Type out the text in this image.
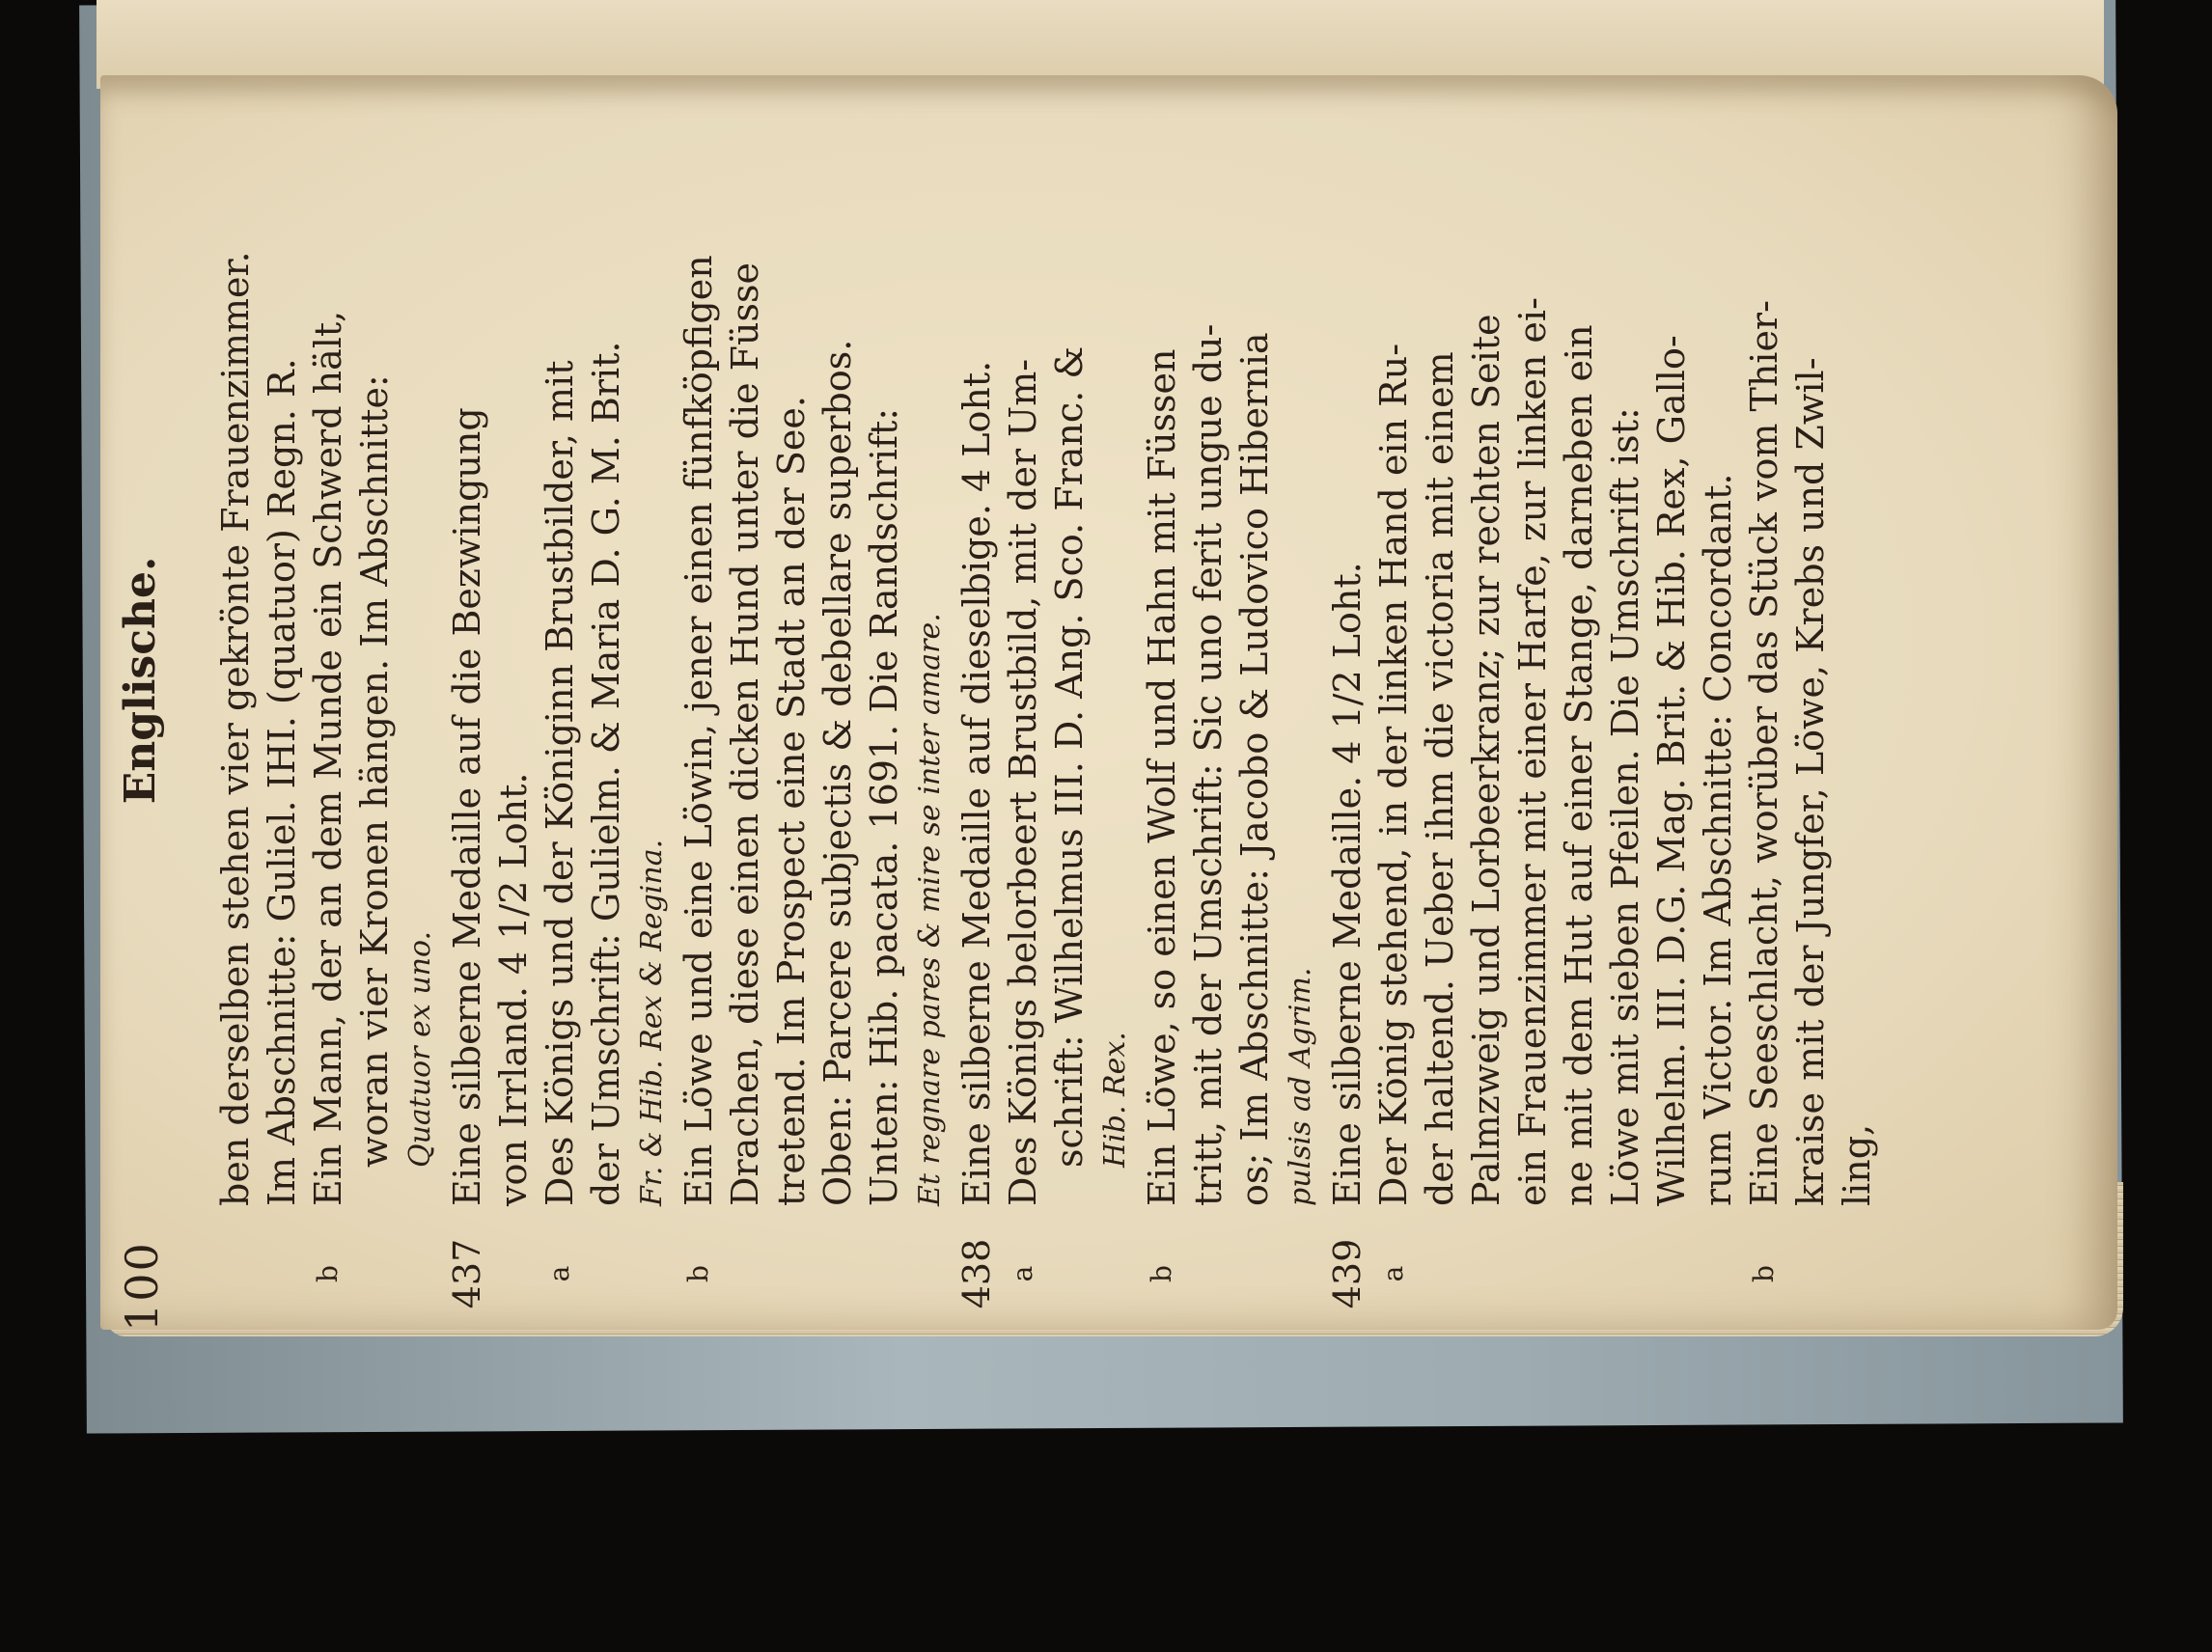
100
Englische. ben derselben stehen vier gekrönte Frauenzimmer. Im Abschnitte: Guliel. IHI. (quatuor) Regn. R.
b
Ein Mann, der an dem Munde ein Schwerd hält, woran vier Kronen hängen. Im Abschnitte: Quatuor ex uno.
437
Eine silberne Medaille auf die Bezwingung von Irrland. 4 1/2 Loht.
a
Des Königs und der Königinn Brustbilder, mit der Umschrift: Gulielm. & Maria D. G. M. Brit. Fr. & Hib. Rex & Regina.
b
Ein Löwe und eine Löwin, jener einen fünfköpfigen Drachen, diese einen dicken Hund unter die Füsse tretend. Im Prospect eine Stadt an der See. Oben: Parcere subjectis & debellare superbos. Unten: Hib. pacata. 1691. Die Randschrift: Et regnare pares & mire se inter amare.
438
Eine silberne Medaille auf dieselbige. 4 Loht.
a
Des Königs belorbeert Brustbild, mit der Um- schrift: Wilhelmus III. D. Ang. Sco. Franc. & Hib. Rex.
b
Ein Löwe, so einen Wolf und Hahn mit Füssen tritt, mit der Umschrift: Sic uno ferit ungue du- os; Im Abschnitte: Jacobo & Ludovico Hibernia pulsis ad Agrim.
439
Eine silberne Medaille. 4 1/2 Loht.
a
Der König stehend, in der linken Hand ein Ru- der haltend. Ueber ihm die victoria mit einem Palmzweig und Lorbeerkranz; zur rechten Seite ein Frauenzimmer mit einer Harfe, zur linken ei- ne mit dem Hut auf einer Stange, darneben ein Löwe mit sieben Pfeilen. Die Umschrift ist: Wilhelm. III. D.G. Mag. Brit. & Hib. Rex, Gallo- rum Victor. Im Abschnitte: Concordant.
b
Eine Seeschlacht, worüber das Stück vom Thier- kraise mit der Jungfer, Löwe, Krebs und Zwil- ling,
